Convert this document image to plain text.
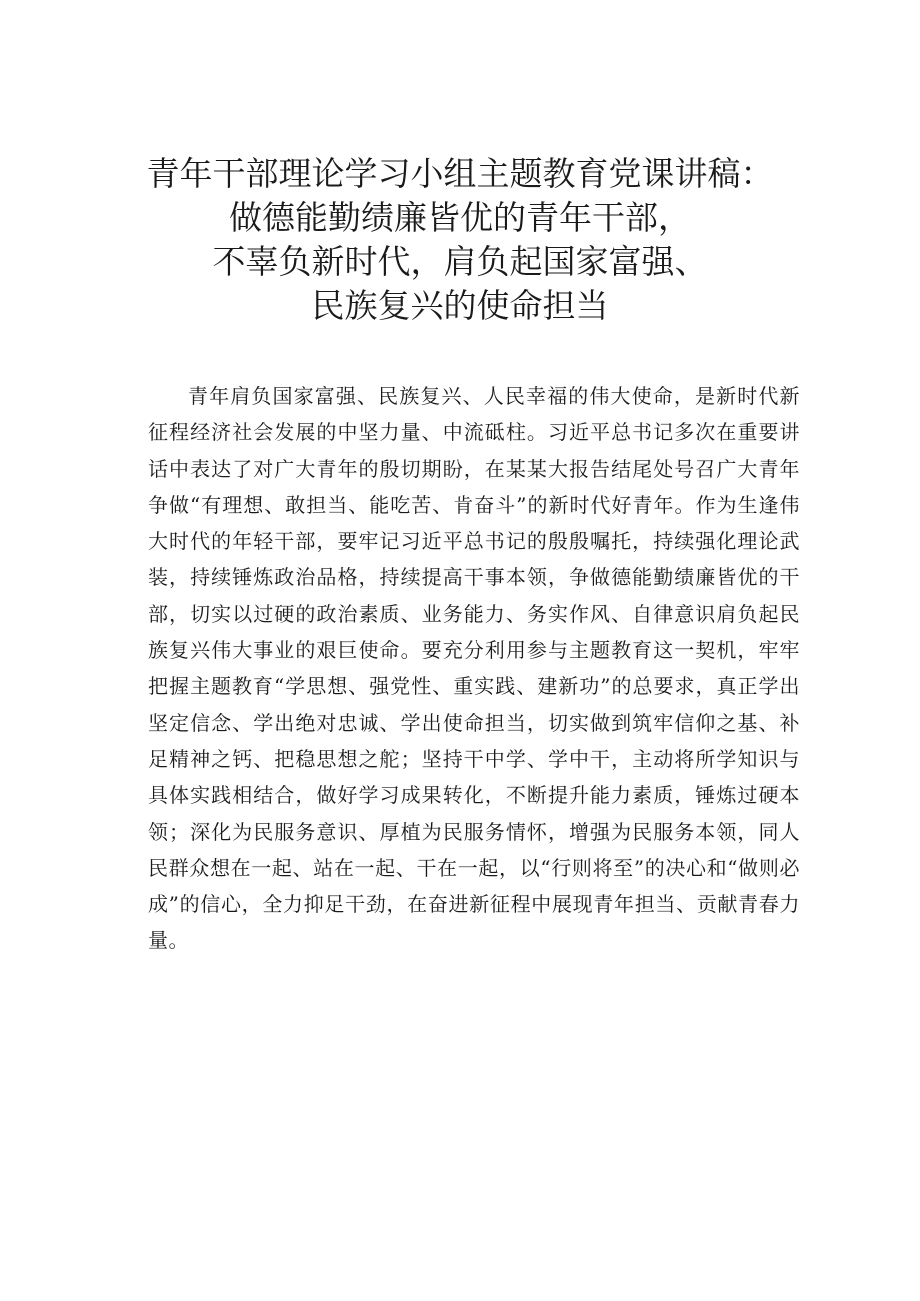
青年干部理论学习小组主题教育党课讲稿：
做德能勤绩廉皆优的青年干部，
不辜负新时代，肩负起国家富强、
民族复兴的使命担当

青年肩负国家富强、民族复兴、人民幸福的伟大使命，是新时代新征程经济社会发展的中坚力量、中流砥柱。习近平总书记多次在重要讲话中表达了对广大青年的殷切期盼，在某某大报告结尾处号召广大青年争做“有理想、敢担当、能吃苦、肯奋斗”的新时代好青年。作为生逢伟大时代的年轻干部，要牢记习近平总书记的殷殷嘱托，持续强化理论武装，持续锤炼政治品格，持续提高干事本领，争做德能勤绩廉皆优的干部，切实以过硬的政治素质、业务能力、务实作风、自律意识肩负起民族复兴伟大事业的艰巨使命。要充分利用参与主题教育这一契机，牢牢把握主题教育“学思想、强党性、重实践、建新功”的总要求，真正学出坚定信念、学出绝对忠诚、学出使命担当，切实做到筑牢信仰之基、补足精神之钙、把稳思想之舵；坚持干中学、学中干，主动将所学知识与具体实践相结合，做好学习成果转化，不断提升能力素质，锤炼过硬本领；深化为民服务意识、厚植为民服务情怀，增强为民服务本领，同人民群众想在一起、站在一起、干在一起，以“行则将至”的决心和“做则必成”的信心，全力抑足干劲，在奋进新征程中展现青年担当、贡献青春力量。
